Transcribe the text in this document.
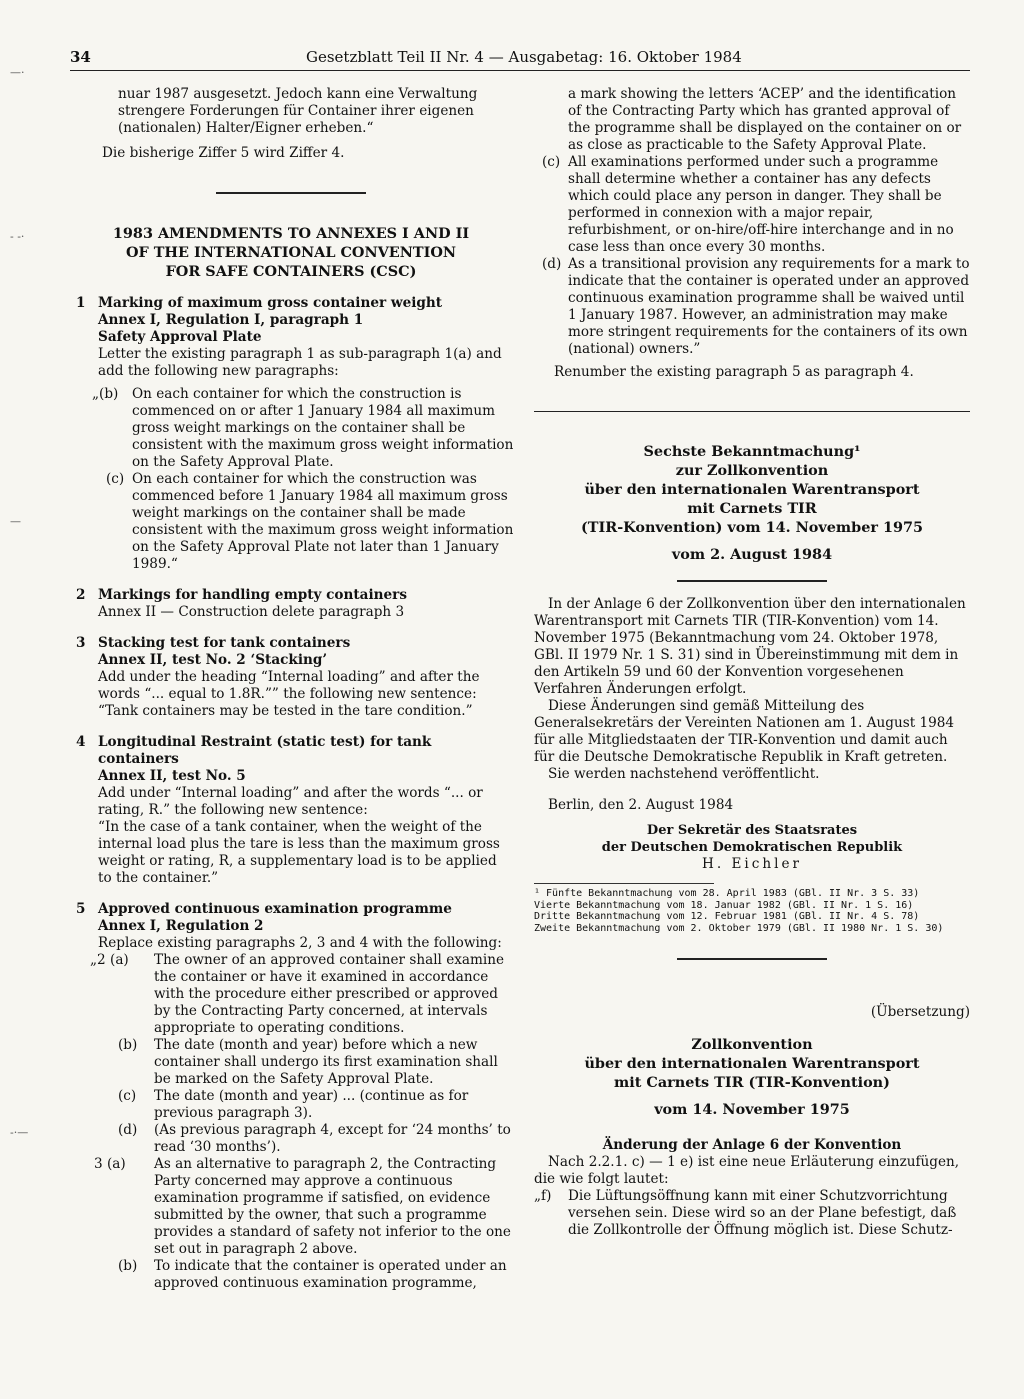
34	Gesetzblatt Teil II Nr. 4 — Ausgabetag: 16. Oktober 1984
—·
- -·
—
-·—

nuar 1987 ausgesetzt. Jedoch kann eine Verwaltung strengere Forderungen für Container ihrer eigenen (nationalen) Halter/Eigner erheben.“

Die bisherige Ziffer 5 wird Ziffer 4.

1983 AMENDMENTS TO ANNEXES I AND II

OF THE INTERNATIONAL CONVENTION

FOR SAFE CONTAINERS (CSC)

1 Marking of maximum gross container weight

Annex I, Regulation I, paragraph 1

Safety Approval Plate

Letter the existing paragraph 1 as sub-paragraph 1(a) and add the following new paragraphs:

„(b) On each container for which the construction is commenced on or after 1 January 1984 all maximum gross weight markings on the container shall be consistent with the maximum gross weight information on the Safety Approval Plate.

(c) On each container for which the construction was commenced before 1 January 1984 all maximum gross weight markings on the container shall be made consistent with the maximum gross weight information on the Safety Approval Plate not later than 1 January 1989.“

2 Markings for handling empty containers

Annex II — Construction delete paragraph 3

3 Stacking test for tank containers

Annex II, test No. 2 ‘Stacking’

Add under the heading “Internal loading” and after the words “... equal to 1.8R.”” the following new sentence:

“Tank containers may be tested in the tare condition.”

4 Longitudinal Restraint (static test) for tank containers

Annex II, test No. 5

Add under “Internal loading” and after the words “... or rating, R.” the following new sentence:

“In the case of a tank container, when the weight of the internal load plus the tare is less than the maximum gross weight or rating, R, a supplementary load is to be applied to the container.”

5 Approved continuous examination programme

Annex I, Regulation 2

Replace existing paragraphs 2, 3 and 4 with the following:

„2 (a) The owner of an approved container shall examine the container or have it examined in accordance with the procedure either prescribed or approved by the Contracting Party concerned, at intervals appropriate to operating conditions.

(b) The date (month and year) before which a new container shall undergo its first examination shall be marked on the Safety Approval Plate.

(c) The date (month and year) ... (continue as for previous paragraph 3).

(d) (As previous paragraph 4, except for ‘24 months’ to read ‘30 months’).

3 (a) As an alternative to paragraph 2, the Contracting Party concerned may approve a continuous examination programme if satisfied, on evidence submitted by the owner, that such a programme provides a standard of safety not inferior to the one set out in paragraph 2 above.

(b) To indicate that the container is operated under an approved continuous examination programme,

a mark showing the letters ‘ACEP’ and the identification of the Contracting Party which has granted approval of the programme shall be displayed on the container on or as close as practicable to the Safety Approval Plate.

(c) All examinations performed under such a programme shall determine whether a container has any defects which could place any person in danger. They shall be performed in connexion with a major repair, refurbishment, or on-hire/off-hire interchange and in no case less than once every 30 months.

(d) As a transitional provision any requirements for a mark to indicate that the container is operated under an approved continuous examination programme shall be waived until 1 January 1987. However, an administration may make more stringent requirements for the containers of its own (national) owners.”

Renumber the existing paragraph 5 as paragraph 4.

Sechste Bekanntmachung¹

zur Zollkonvention

über den internationalen Warentransport

mit Carnets TIR

(TIR-Konvention) vom 14. November 1975

vom 2. August 1984

In der Anlage 6 der Zollkonvention über den internationalen Warentransport mit Carnets TIR (TIR-Konvention) vom 14. November 1975 (Bekanntmachung vom 24. Oktober 1978, GBl. II 1979 Nr. 1 S. 31) sind in Übereinstimmung mit dem in den Artikeln 59 und 60 der Konvention vorgesehenen Verfahren Änderungen erfolgt.

Diese Änderungen sind gemäß Mitteilung des Generalsekretärs der Vereinten Nationen am 1. August 1984 für alle Mitgliedstaaten der TIR-Konvention und damit auch für die Deutsche Demokratische Republik in Kraft getreten.

Sie werden nachstehend veröffentlicht.

Berlin, den 2. August 1984

Der Sekretär des Staatsrates

der Deutschen Demokratischen Republik

H. Eichler

¹ Fünfte Bekanntmachung vom 28. April 1983 (GBl. II Nr. 3 S. 33)

Vierte Bekanntmachung vom 18. Januar 1982 (GBl. II Nr. 1 S. 16)

Dritte Bekanntmachung vom 12. Februar 1981 (GBl. II Nr. 4 S. 78)

Zweite Bekanntmachung vom 2. Oktober 1979 (GBl. II 1980 Nr. 1 S. 30)

(Übersetzung)

Zollkonvention

über den internationalen Warentransport

mit Carnets TIR (TIR-Konvention)

vom 14. November 1975

Änderung der Anlage 6 der Konvention

Nach 2.2.1. c) — 1 e) ist eine neue Erläuterung einzufügen, die wie folgt lautet:

„f) Die Lüftungsöffnung kann mit einer Schutzvorrichtung versehen sein. Diese wird so an der Plane befestigt, daß die Zollkontrolle der Öffnung möglich ist. Diese Schutz-
